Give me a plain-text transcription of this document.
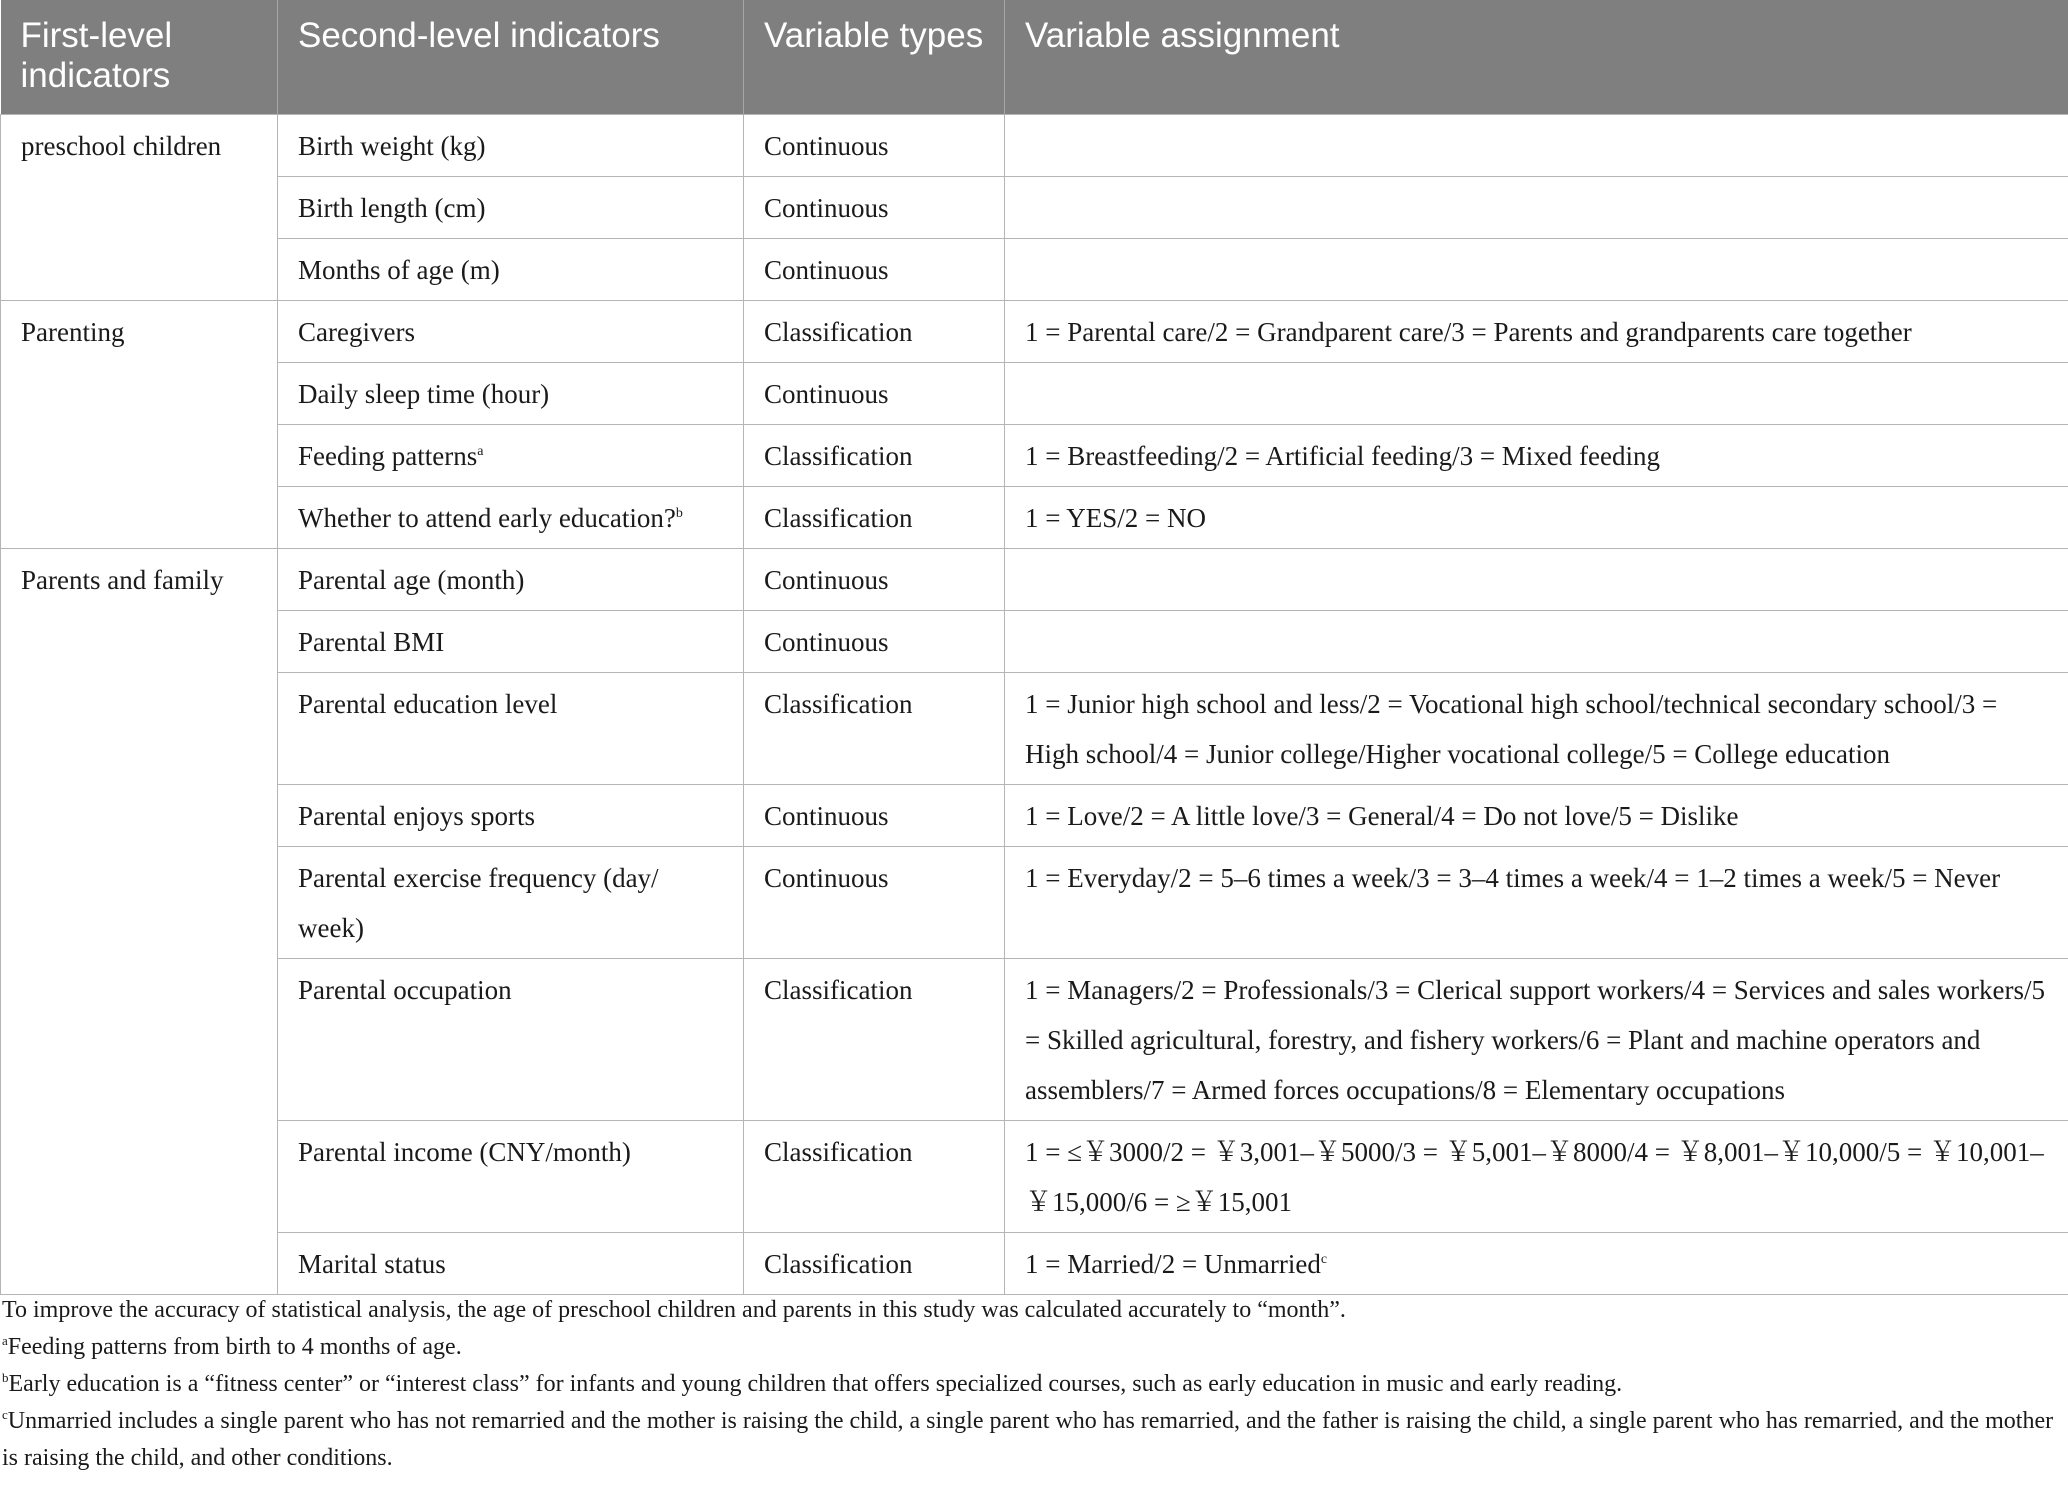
First-level indicators	Second-level indicators	Variable types	Variable assignment
preschool children	Birth weight (kg)	Continuous	
	Birth length (cm)	Continuous	
	Months of age (m)	Continuous	
Parenting	Caregivers	Classification	1 = Parental care/2 = Grandparent care/3 = Parents and grandparents care together
	Daily sleep time (hour)	Continuous	
	Feeding patterns$^a$	Classification	1 = Breastfeeding/2 = Artificial feeding/3 = Mixed feeding
	Whether to attend early education?$^b$	Classification	1 = YES/2 = NO
Parents and family	Parental age (month)	Continuous	
	Parental BMI	Continuous	
	Parental education level	Classification	1 = Junior high school and less/2 = Vocational high school/technical secondary school/3 = High school/4 = Junior college/Higher vocational college/5 = College education
	Parental enjoys sports	Continuous	1 = Love/2 = A little love/3 = General/4 = Do not love/5 = Dislike
	Parental exercise frequency (day/ week)	Continuous	1 = Everyday/2 = 5–6 times a week/3 = 3–4 times a week/4 = 1–2 times a week/5 = Never
	Parental occupation	Classification	1 = Managers/2 = Professionals/3 = Clerical support workers/4 = Services and sales workers/5 = Skilled agricultural, forestry, and fishery workers/6 = Plant and machine operators and assemblers/7 = Armed forces occupations/8 = Elementary occupations
	Parental income (CNY/month)	Classification	1 = ≤￥3000/2 = ￥3,001–￥5000/3 = ￥5,001–￥8000/4 = ￥8,001–￥10,000/5 = ￥10,001–￥15,000/6 = ≥￥15,001
	Marital status	Classification	1 = Married/2 = Unmarried$^c$

To improve the accuracy of statistical analysis, the age of preschool children and parents in this study was calculated accurately to “month”.

$^a$Feeding patterns from birth to 4 months of age.

$^b$Early education is a “fitness center” or “interest class” for infants and young children that offers specialized courses, such as early education in music and early reading.

$^c$Unmarried includes a single parent who has not remarried and the mother is raising the child, a single parent who has remarried, and the father is raising the child, a single parent who has remarried, and the mother is raising the child, and other conditions.
